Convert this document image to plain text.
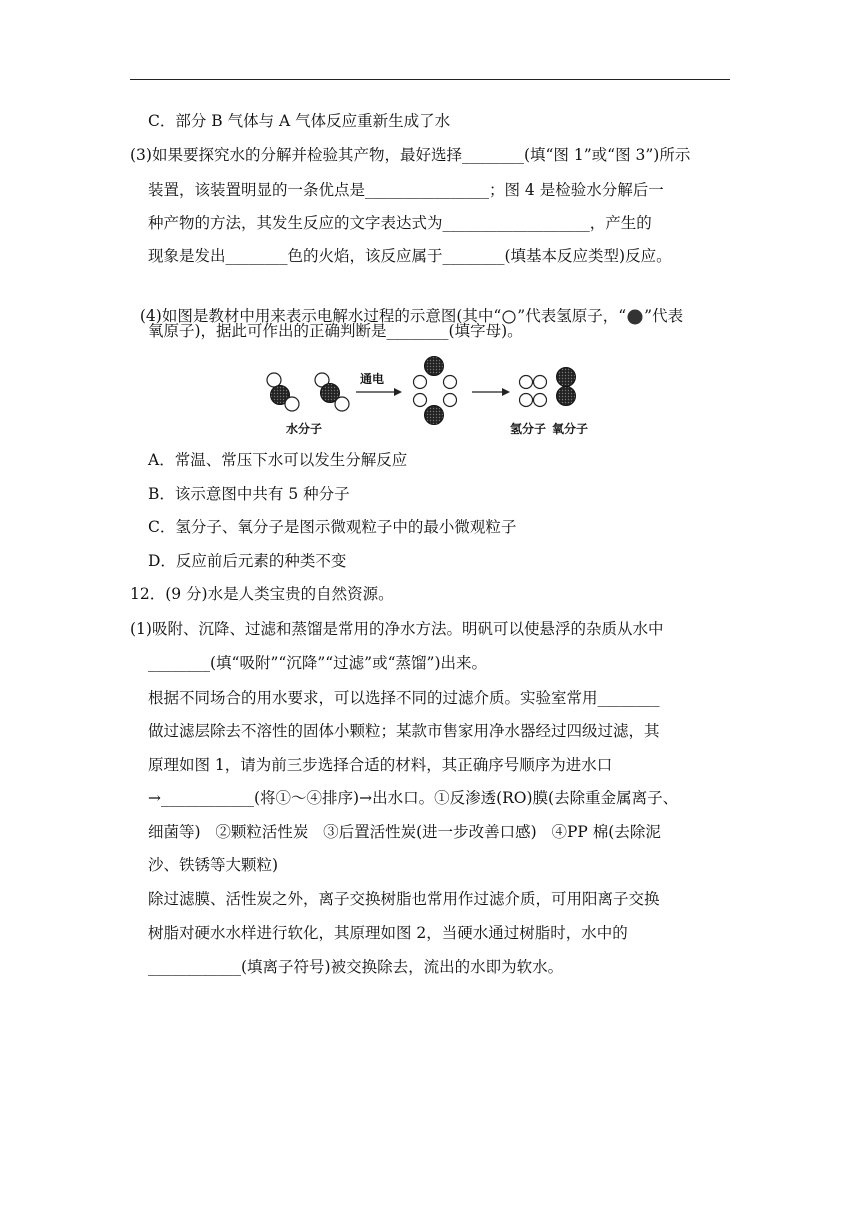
C．部分 B 气体与 A 气体反应重新生成了水
(3)如果要探究水的分解并检验其产物，最好选择________(填“图 1”或“图 3”)所示
装置，该装置明显的一条优点是________________；图 4 是检验水分解后一
种产物的方法，其发生反应的文字表达式为___________________，产生的
现象是发出________色的火焰，该反应属于________(填基本反应类型)反应。

(4)如图是教材中用来表示电解水过程的示意图(其中“ ”代表氢原子，“ ”代表

氧原子)，据此可作出的正确判断是________(填字母)。
通电
水分子	氢分子 氧分子
A．常温、常压下水可以发生分解反应
B．该示意图中共有 5 种分子
C．氢分子、氧分子是图示微观粒子中的最小微观粒子
D．反应前后元素的种类不变
12．(9 分)水是人类宝贵的自然资源。
(1)吸附、沉降、过滤和蒸馏是常用的净水方法。明矾可以使悬浮的杂质从水中
________(填“吸附”“沉降”“过滤”或“蒸馏”)出来。
根据不同场合的用水要求，可以选择不同的过滤介质。实验室常用________
做过滤层除去不溶性的固体小颗粒；某款市售家用净水器经过四级过滤，其
原理如图 1，请为前三步选择合适的材料，其正确序号顺序为进水口
→____________(将①～④排序)→出水口。①反渗透(RO)膜(去除重金属离子、
细菌等)   ②颗粒活性炭   ③后置活性炭(进一步改善口感)   ④PP 棉(去除泥
沙、铁锈等大颗粒)
除过滤膜、活性炭之外，离子交换树脂也常用作过滤介质，可用阳离子交换
树脂对硬水水样进行软化，其原理如图 2，当硬水通过树脂时，水中的
____________(填离子符号)被交换除去，流出的水即为软水。
